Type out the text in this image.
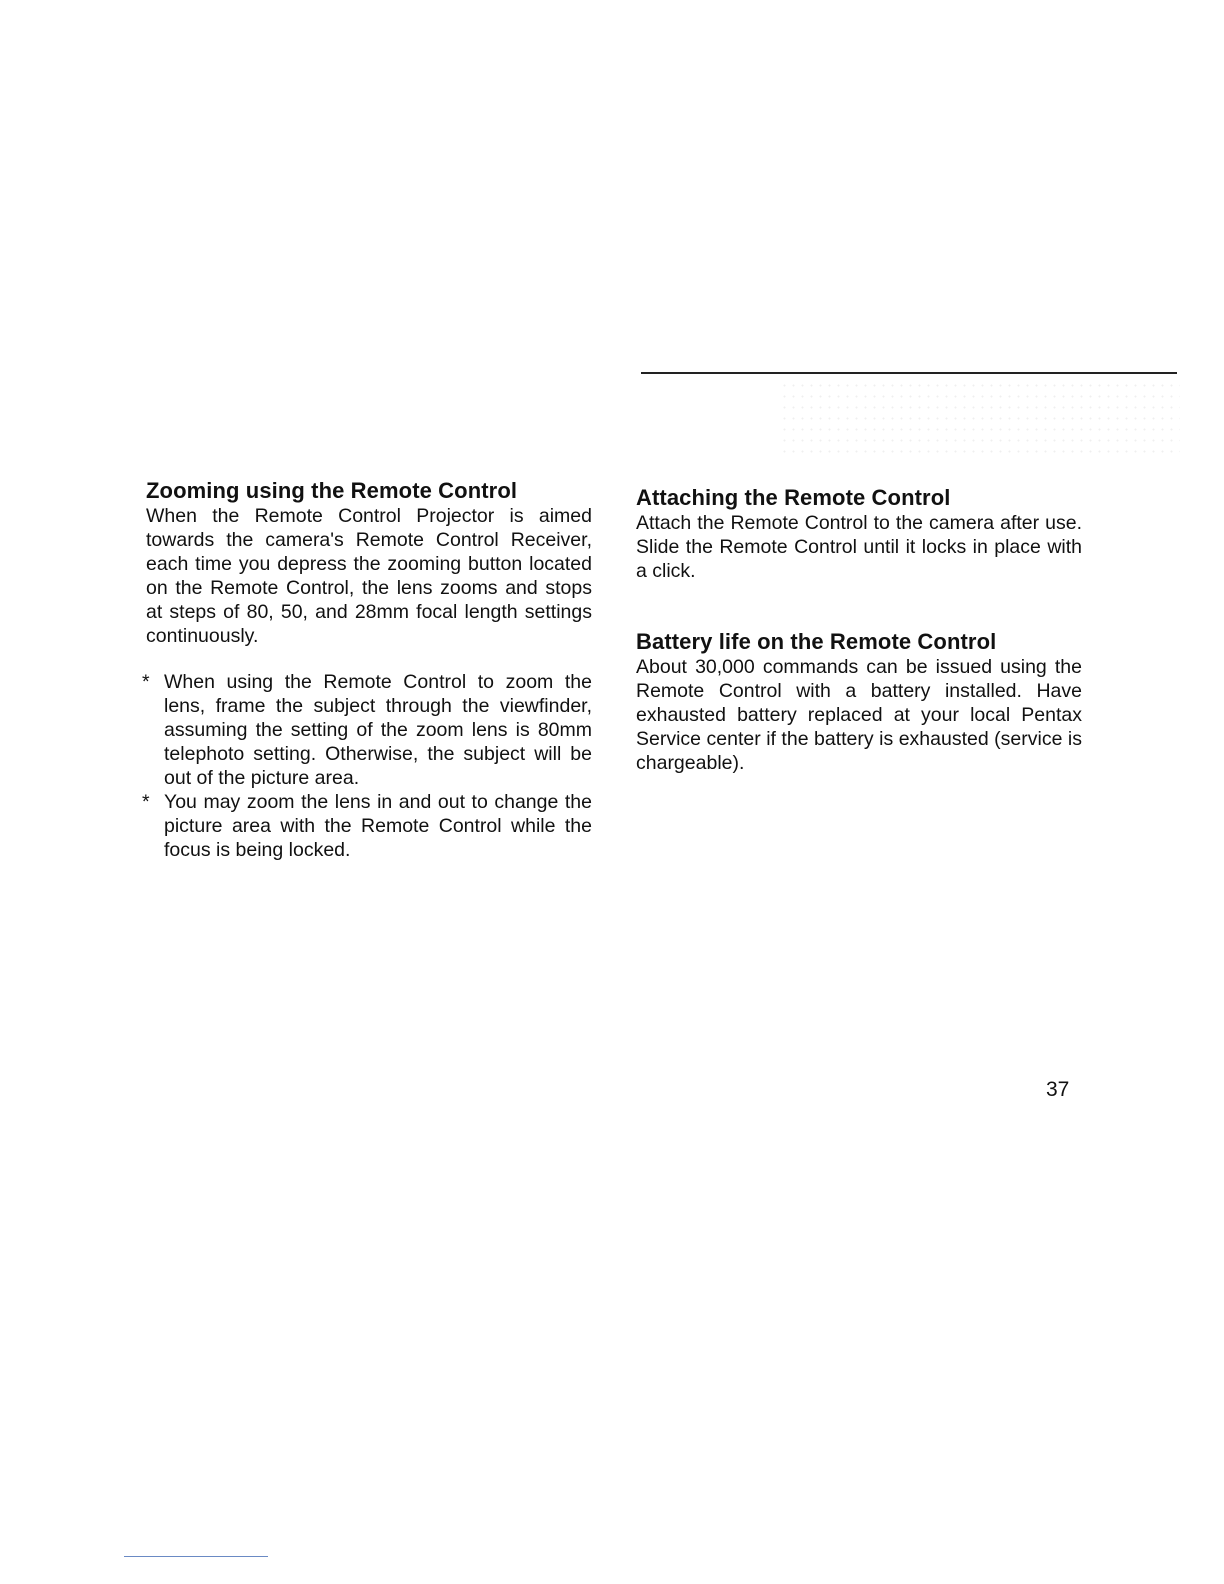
Zooming using the Remote Control

When the Remote Control Projector is aimed towards the camera's Remote Control Receiver, each time you depress the zooming button located on the Remote Control, the lens zooms and stops at steps of 80, 50, and 28mm focal length settings continuously.

* When using the Remote Control to zoom the lens, frame the subject through the viewfinder, assuming the setting of the zoom lens is 80mm telephoto setting. Otherwise, the subject will be out of the picture area.
* You may zoom the lens in and out to change the picture area with the Remote Control while the focus is being locked.
Attaching the Remote Control

Attach the Remote Control to the camera after use. Slide the Remote Control until it locks in place with a click.

Battery life on the Remote Control

About 30,000 commands can be issued using the Remote Control with a battery installed. Have exhausted battery replaced at your local Pentax Service center if the battery is exhausted (service is chargeable).

37
